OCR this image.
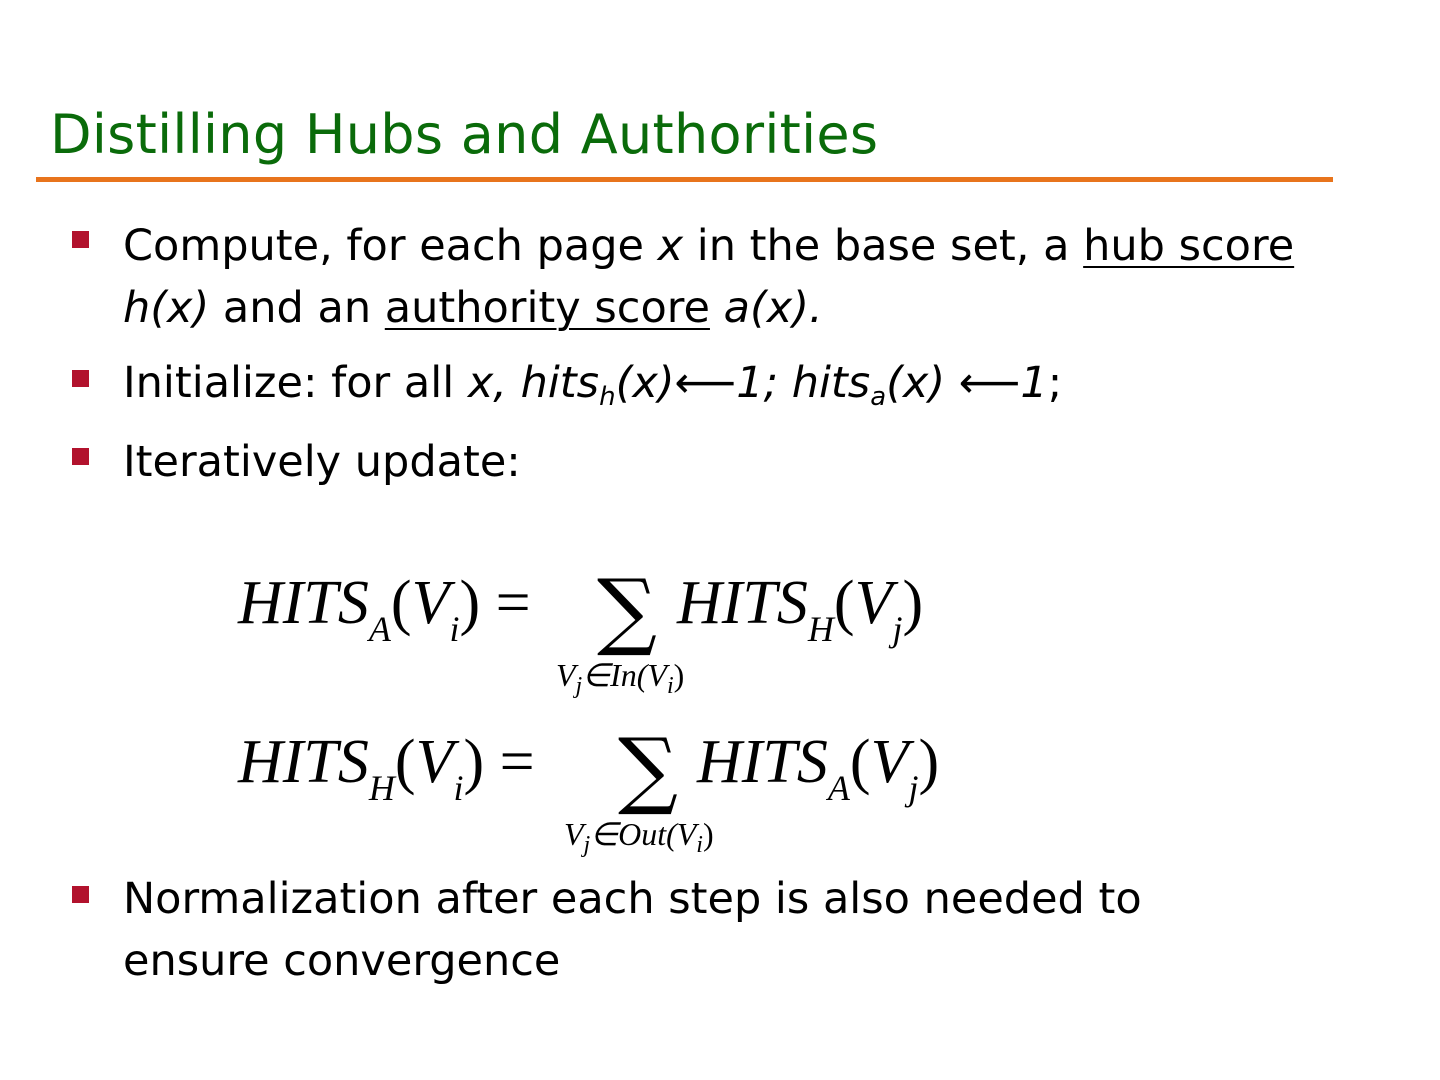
Distilling Hubs and Authorities
Compute, for each page x in the base set, a hub score
h(x) and an authority score a(x).
Initialize: for all x, hits$_h$(x)⟵1; hits$_a$(x) ⟵1;
Iteratively update:
HITSA(Vi) = ∑ HITSH(Vj)
$V_j\in In(V_i)$
HITSH(Vi) = ∑ HITSA(Vj)
$V_j\in Out(V_i)$
Normalization after each step is also needed to
ensure convergence
